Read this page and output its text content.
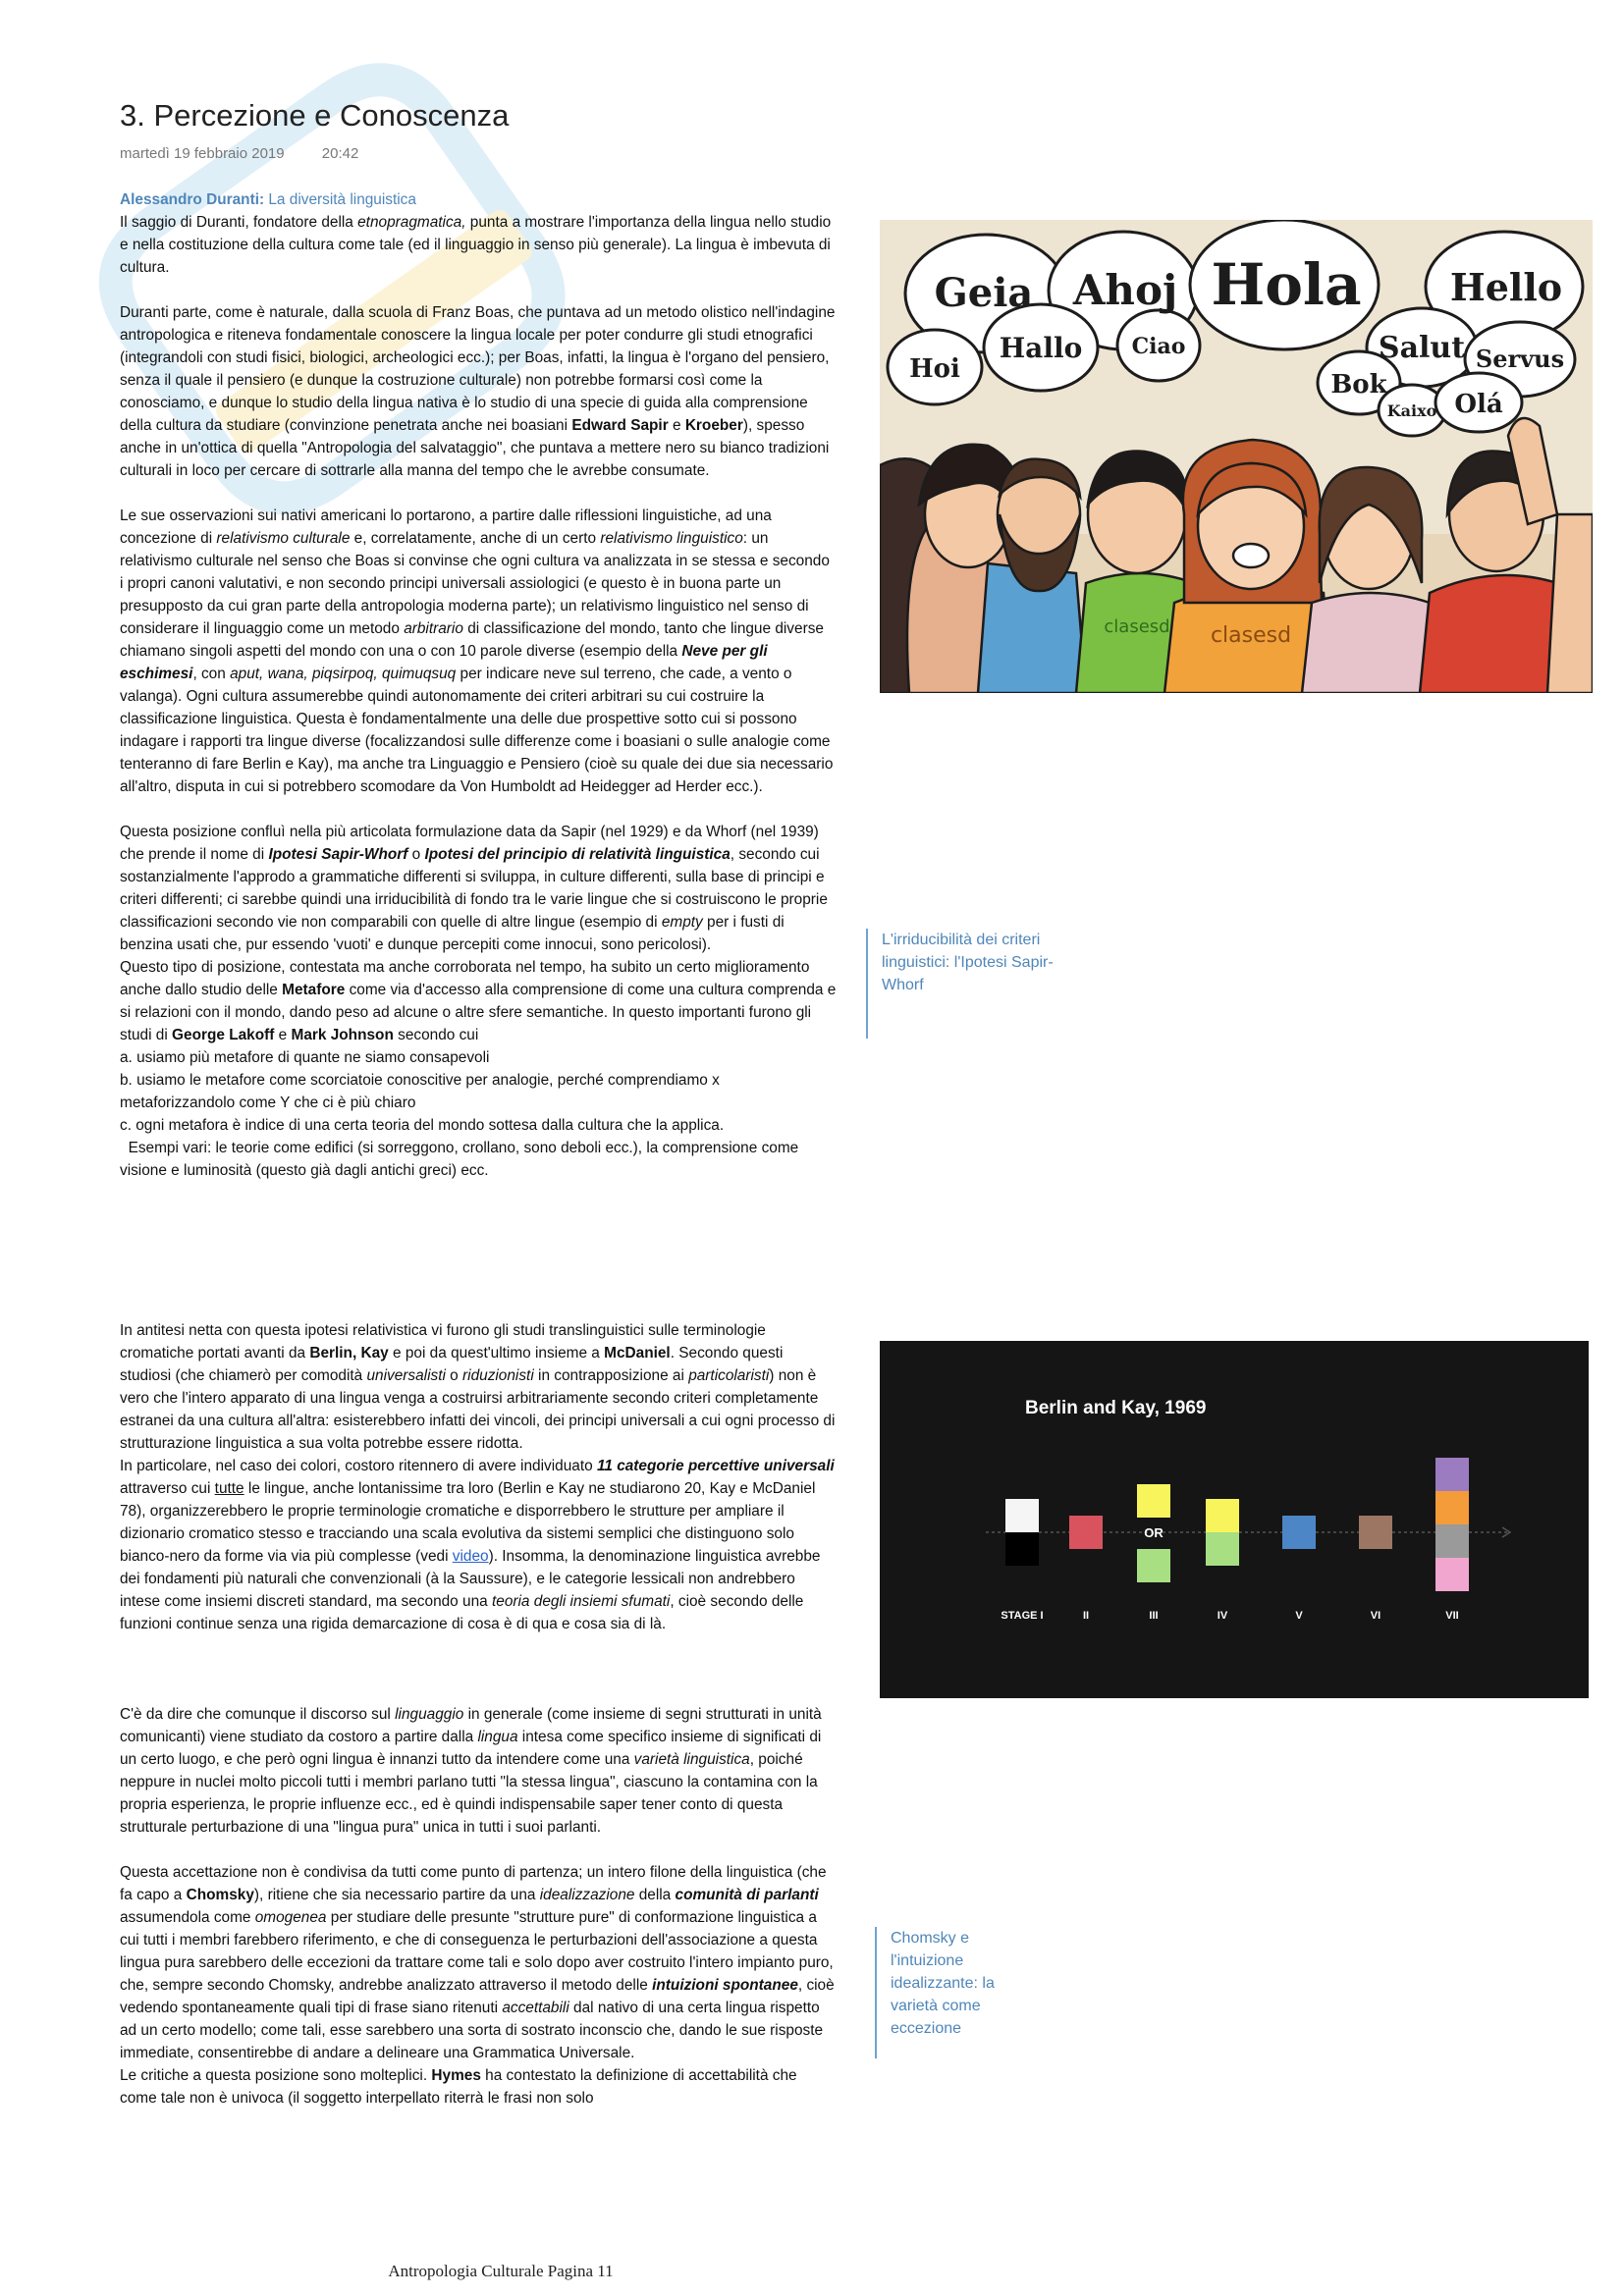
3. Percezione e Conoscenza
martedì 19 febbraio 2019	20:42

Alessandro Duranti: La diversità linguistica

Il saggio di Duranti, fondatore della etnopragmatica, punta a mostrare l'importanza della lingua nello studio e nella costituzione della cultura come tale (ed il linguaggio in senso più generale). La lingua è imbevuta di cultura.

Duranti parte, come è naturale, dalla scuola di Franz Boas, che puntava ad un metodo olistico nell'indagine antropologica e riteneva fondamentale conoscere la lingua locale per poter condurre gli studi etnografici (integrandoli con studi fisici, biologici, archeologici ecc.); per Boas, infatti, la lingua è l'organo del pensiero, senza il quale il pensiero (e dunque la costruzione culturale) non potrebbe formarsi così come la conosciamo, e dunque lo studio della lingua nativa è lo studio di una specie di guida alla comprensione della cultura da studiare (convinzione penetrata anche nei boasiani Edward Sapir e Kroeber), spesso anche in un'ottica di quella "Antropologia del salvataggio", che puntava a mettere nero su bianco tradizioni culturali in loco per cercare di sottrarle alla manna del tempo che le avrebbe consumate.

Le sue osservazioni sui nativi americani lo portarono, a partire dalle riflessioni linguistiche, ad una concezione di relativismo culturale e, correlatamente, anche di un certo relativismo linguistico: un relativismo culturale nel senso che Boas si convinse che ogni cultura va analizzata in se stessa e secondo i propri canoni valutativi, e non secondo principi universali assiologici (e questo è in buona parte un presupposto da cui gran parte della antropologia moderna parte); un relativismo linguistico nel senso di considerare il linguaggio come un metodo arbitrario di classificazione del mondo, tanto che lingue diverse chiamano singoli aspetti del mondo con una o con 10 parole diverse (esempio della Neve per gli eschimesi, con aput, wana, piqsirpoq, quimuqsuq per indicare neve sul terreno, che cade, a vento o valanga). Ogni cultura assumerebbe quindi autonomamente dei criteri arbitrari su cui costruire la classificazione linguistica. Questa è fondamentalmente una delle due prospettive sotto cui si possono indagare i rapporti tra lingue diverse (focalizzandosi sulle differenze come i boasiani o sulle analogie come tenteranno di fare Berlin e Kay), ma anche tra Linguaggio e Pensiero (cioè su quale dei due sia necessario all'altro, disputa in cui si potrebbero scomodare da Von Humboldt ad Heidegger ad Herder ecc.).

Questa posizione confluì nella più articolata formulazione data da Sapir (nel 1929) e da Whorf (nel 1939) che prende il nome di Ipotesi Sapir-Whorf o Ipotesi del principio di relatività linguistica, secondo cui sostanzialmente l'approdo a grammatiche differenti si sviluppa, in culture differenti, sulla base di principi e criteri differenti; ci sarebbe quindi una irriducibilità di fondo tra le varie lingue che si costruiscono le proprie classificazioni secondo vie non comparabili con quelle di altre lingue (esempio di empty per i fusti di benzina usati che, pur essendo 'vuoti' e dunque percepiti come innocui, sono pericolosi).

Questo tipo di posizione, contestata ma anche corroborata nel tempo, ha subito un certo miglioramento anche dallo studio delle Metafore come via d'accesso alla comprensione di come una cultura comprenda e si relazioni con il mondo, dando peso ad alcune o altre sfere semantiche. In questo importanti furono gli studi di George Lakoff e Mark Johnson secondo cui

a. usiamo più metafore di quante ne siamo consapevoli

b. usiamo le metafore come scorciatoie conoscitive per analogie, perché comprendiamo x metaforizzandolo come Y che ci è più chiaro

c. ogni metafora è indice di una certa teoria del mondo sottesa dalla cultura che la applica.

Esempi vari: le teorie come edifici (si sorreggono, crollano, sono deboli ecc.), la comprensione come visione e luminosità (questo già dagli antichi greci) ecc.

In antitesi netta con questa ipotesi relativistica vi furono gli studi translinguistici sulle terminologie cromatiche portati avanti da Berlin, Kay e poi da quest'ultimo insieme a McDaniel. Secondo questi studiosi (che chiamerò per comodità universalisti o riduzionisti in contrapposizione ai particolaristi) non è vero che l'intero apparato di una lingua venga a costruirsi arbitrariamente secondo criteri completamente estranei da una cultura all'altra: esisterebbero infatti dei vincoli, dei principi universali a cui ogni processo di strutturazione linguistica a sua volta potrebbe essere ridotta.

In particolare, nel caso dei colori, costoro ritennero di avere individuato 11 categorie percettive universali attraverso cui tutte le lingue, anche lontanissime tra loro (Berlin e Kay ne studiarono 20, Kay e McDaniel 78), organizzerebbero le proprie terminologie cromatiche e disporrebbero le strutture per ampliare il dizionario cromatico stesso e tracciando una scala evolutiva da sistemi semplici che distinguono solo bianco-nero da forme via via più complesse (vedi video). Insomma, la denominazione linguistica avrebbe dei fondamenti più naturali che convenzionali (à la Saussure), e le categorie lessicali non andrebbero intese come insiemi discreti standard, ma secondo una teoria degli insiemi sfumati, cioè secondo delle funzioni continue senza una rigida demarcazione di cosa è di qua e cosa sia di là.

C'è da dire che comunque il discorso sul linguaggio in generale (come insieme di segni strutturati in unità comunicanti) viene studiato da costoro a partire dalla lingua intesa come specifico insieme di significati di un certo luogo, e che però ogni lingua è innanzi tutto da intendere come una varietà linguistica, poiché neppure in nuclei molto piccoli tutti i membri parlano tutti "la stessa lingua", ciascuno la contamina con la propria esperienza, le proprie influenze ecc., ed è quindi indispensabile saper tener conto di questa strutturale perturbazione di una "lingua pura" unica in tutti i suoi parlanti.

Questa accettazione non è condivisa da tutti come punto di partenza; un intero filone della linguistica (che fa capo a Chomsky), ritiene che sia necessario partire da una idealizzazione della comunità di parlanti assumendola come omogenea per studiare delle presunte "strutture pure" di conformazione linguistica a cui tutti i membri farebbero riferimento, e che di conseguenza le perturbazioni dell'associazione a questa lingua pura sarebbero delle eccezioni da trattare come tali e solo dopo aver costruito l'intero impianto puro, che, sempre secondo Chomsky, andrebbe analizzato attraverso il metodo delle intuizioni spontanee, cioè vedendo spontaneamente quali tipi di frase siano ritenuti accettabili dal nativo di una certa lingua rispetto ad un certo modello; come tali, esse sarebbero una sorta di sostrato inconscio che, dando le sue risposte immediate, consentirebbe di andare a delineare una Grammatica Universale.

Le critiche a questa posizione sono molteplici. Hymes ha contestato la definizione di accettabilità che come tale non è univoca (il soggetto interpellato riterrà le frasi non solo

L'irriducibilità dei criteri linguistici: l'Ipotesi Sapir-Whorf
Chomsky e l'intuizione idealizzante: la varietà come eccezione
Geia Ahoj Hola Hello
Hoi
Hallo Ciao	Salut Servus
Bok
Kaixo Olá
clasesd clasesd
Berlin and Kay, 1969
OR
STAGE I	II	III	IV	V	VI	VII
Antropologia Culturale Pagina 11
